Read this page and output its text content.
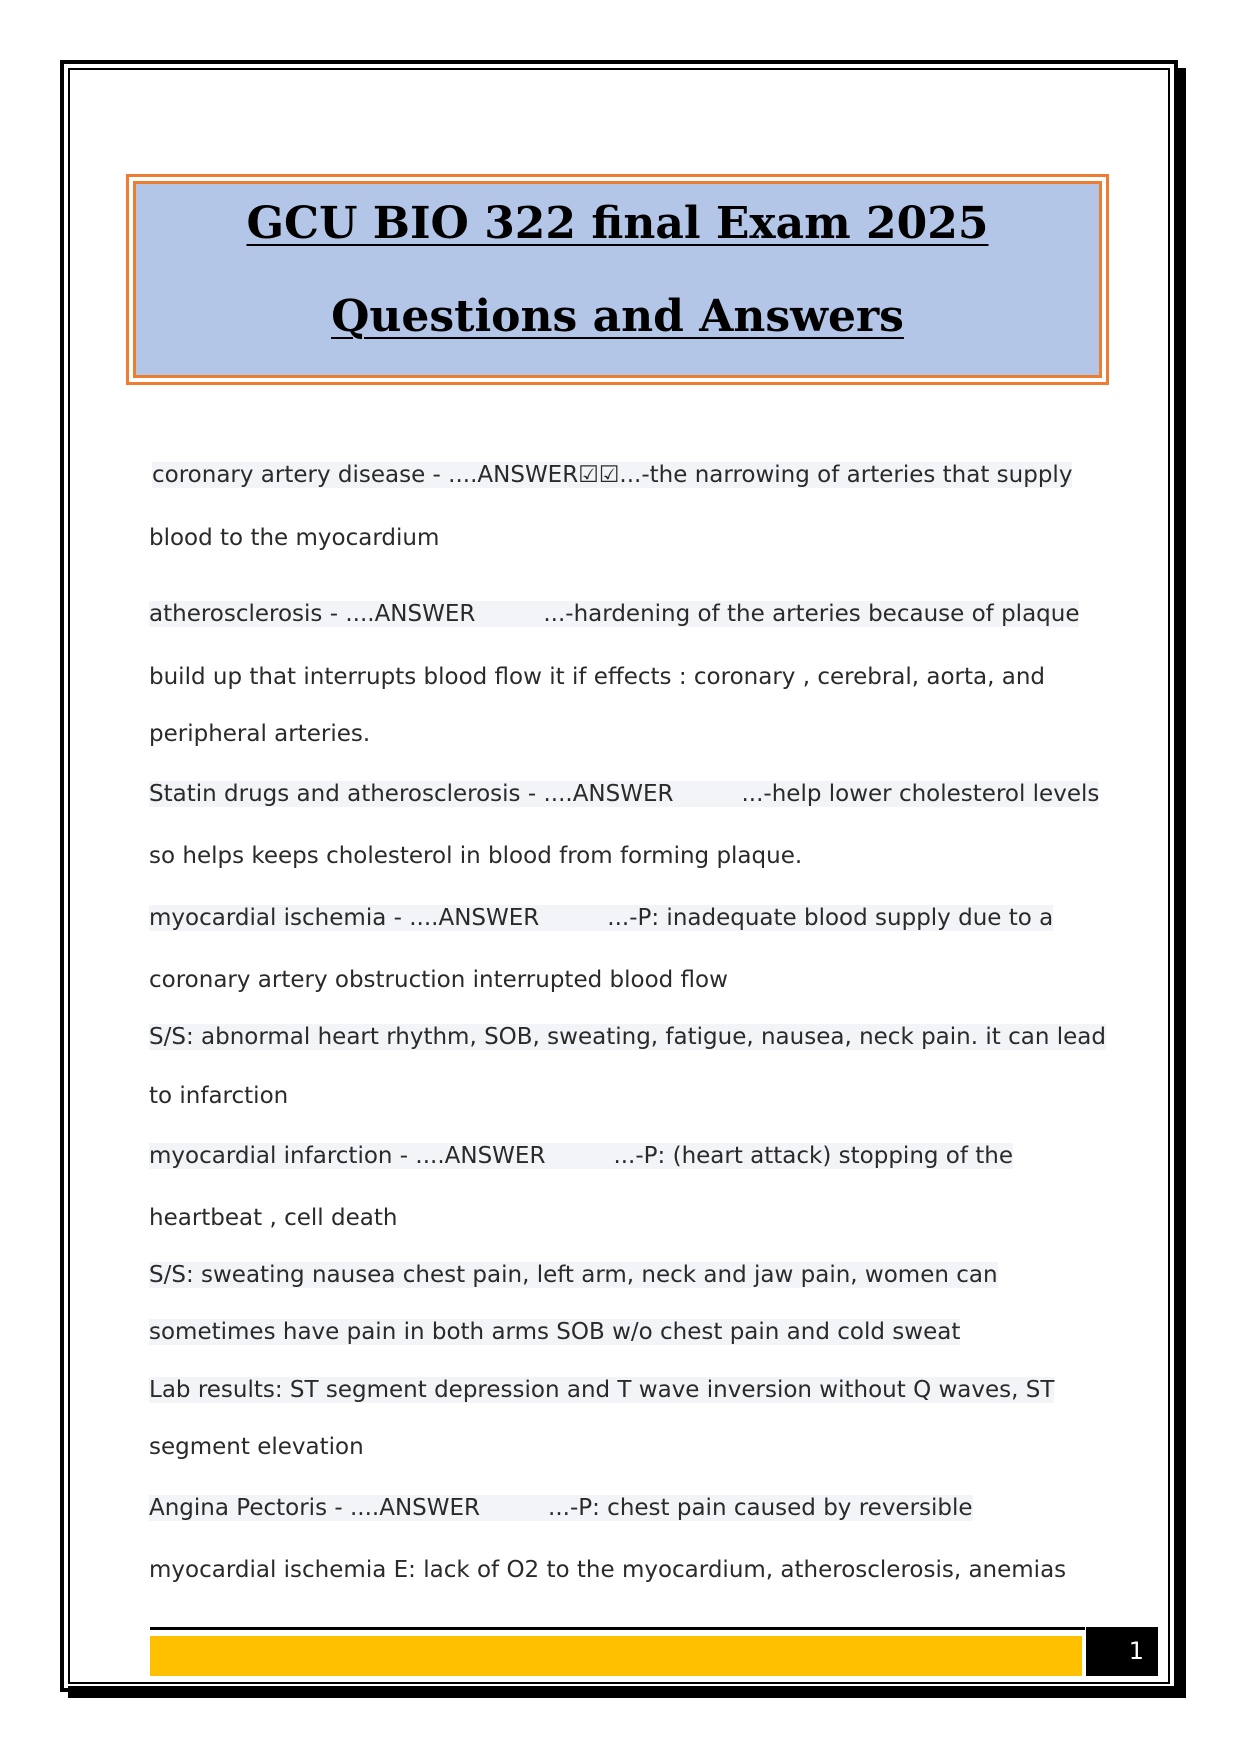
GCU BIO 322 final Exam 2025
Questions and Answers
coronary artery disease - ....ANSWER☑☑...-the narrowing of arteries that supply
blood to the myocardium
atherosclerosis - ....ANSWER	...-hardening of the arteries because of plaque
build up that interrupts blood flow it if effects : coronary , cerebral, aorta, and
peripheral arteries.
Statin drugs and atherosclerosis - ....ANSWER	...-help lower cholesterol levels
so helps keeps cholesterol in blood from forming plaque.
myocardial ischemia - ....ANSWER	...-P: inadequate blood supply due to a
coronary artery obstruction interrupted blood flow
S/S: abnormal heart rhythm, SOB, sweating, fatigue, nausea, neck pain. it can lead
to infarction
myocardial infarction - ....ANSWER	...-P: (heart attack) stopping of the
heartbeat , cell death
S/S: sweating nausea chest pain, left arm, neck and jaw pain, women can
sometimes have pain in both arms SOB w/o chest pain and cold sweat
Lab results: ST segment depression and T wave inversion without Q waves, ST
segment elevation
Angina Pectoris - ....ANSWER	...-P: chest pain caused by reversible
myocardial ischemia E: lack of O2 to the myocardium, atherosclerosis, anemias
1
